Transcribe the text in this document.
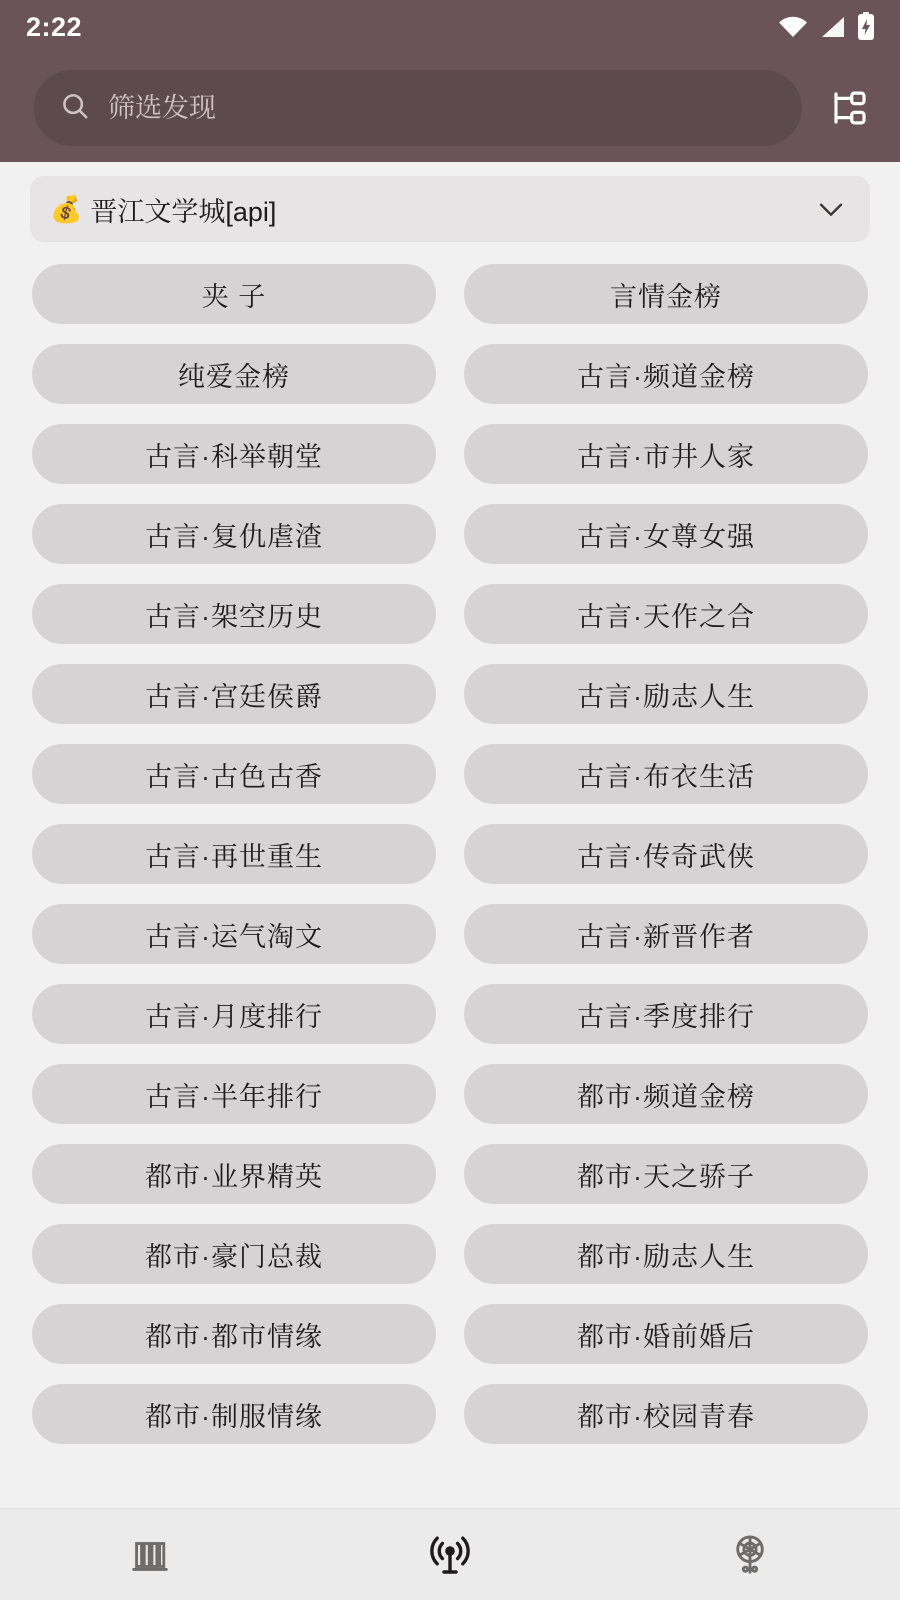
2:22
筛选发现
💰 晋江文学城[api]
夹 子	言情金榜
纯爱金榜	古言·频道金榜
古言·科举朝堂	古言·市井人家
古言·复仇虐渣	古言·女尊女强
古言·架空历史	古言·天作之合
古言·宫廷侯爵	古言·励志人生
古言·古色古香	古言·布衣生活
古言·再世重生	古言·传奇武侠
古言·运气淘文	古言·新晋作者
古言·月度排行	古言·季度排行
古言·半年排行	都市·频道金榜
都市·业界精英	都市·天之骄子
都市·豪门总裁	都市·励志人生
都市·都市情缘	都市·婚前婚后
都市·制服情缘	都市·校园青春
